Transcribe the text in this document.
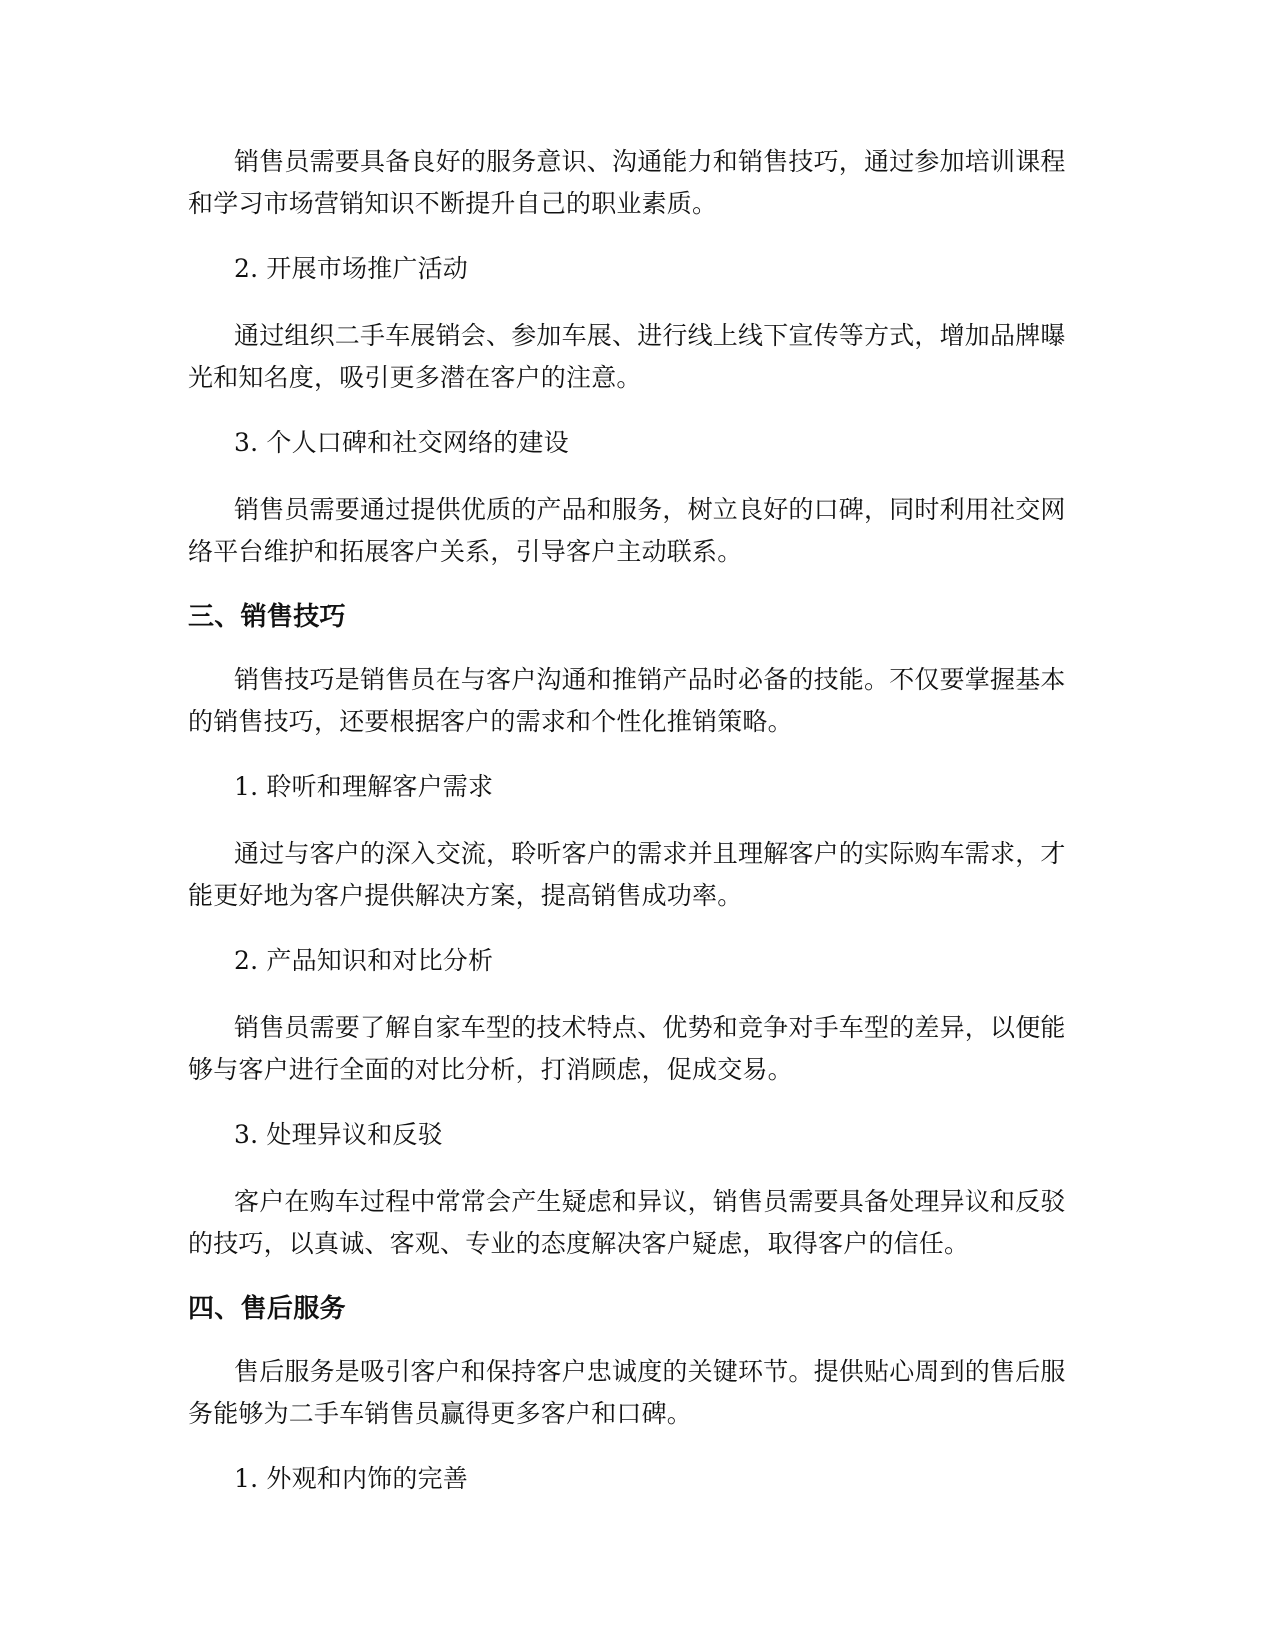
销售员需要具备良好的服务意识、沟通能力和销售技巧，通过参加培训课程和学习市场营销知识不断提升自己的职业素质。

2. 开展市场推广活动

通过组织二手车展销会、参加车展、进行线上线下宣传等方式，增加品牌曝光和知名度，吸引更多潜在客户的注意。

3. 个人口碑和社交网络的建设

销售员需要通过提供优质的产品和服务，树立良好的口碑，同时利用社交网络平台维护和拓展客户关系，引导客户主动联系。

三、销售技巧

销售技巧是销售员在与客户沟通和推销产品时必备的技能。不仅要掌握基本的销售技巧，还要根据客户的需求和个性化推销策略。

1. 聆听和理解客户需求

通过与客户的深入交流，聆听客户的需求并且理解客户的实际购车需求，才能更好地为客户提供解决方案，提高销售成功率。

2. 产品知识和对比分析

销售员需要了解自家车型的技术特点、优势和竞争对手车型的差异，以便能够与客户进行全面的对比分析，打消顾虑，促成交易。

3. 处理异议和反驳

客户在购车过程中常常会产生疑虑和异议，销售员需要具备处理异议和反驳的技巧，以真诚、客观、专业的态度解决客户疑虑，取得客户的信任。

四、售后服务

售后服务是吸引客户和保持客户忠诚度的关键环节。提供贴心周到的售后服务能够为二手车销售员赢得更多客户和口碑。

1. 外观和内饰的完善
